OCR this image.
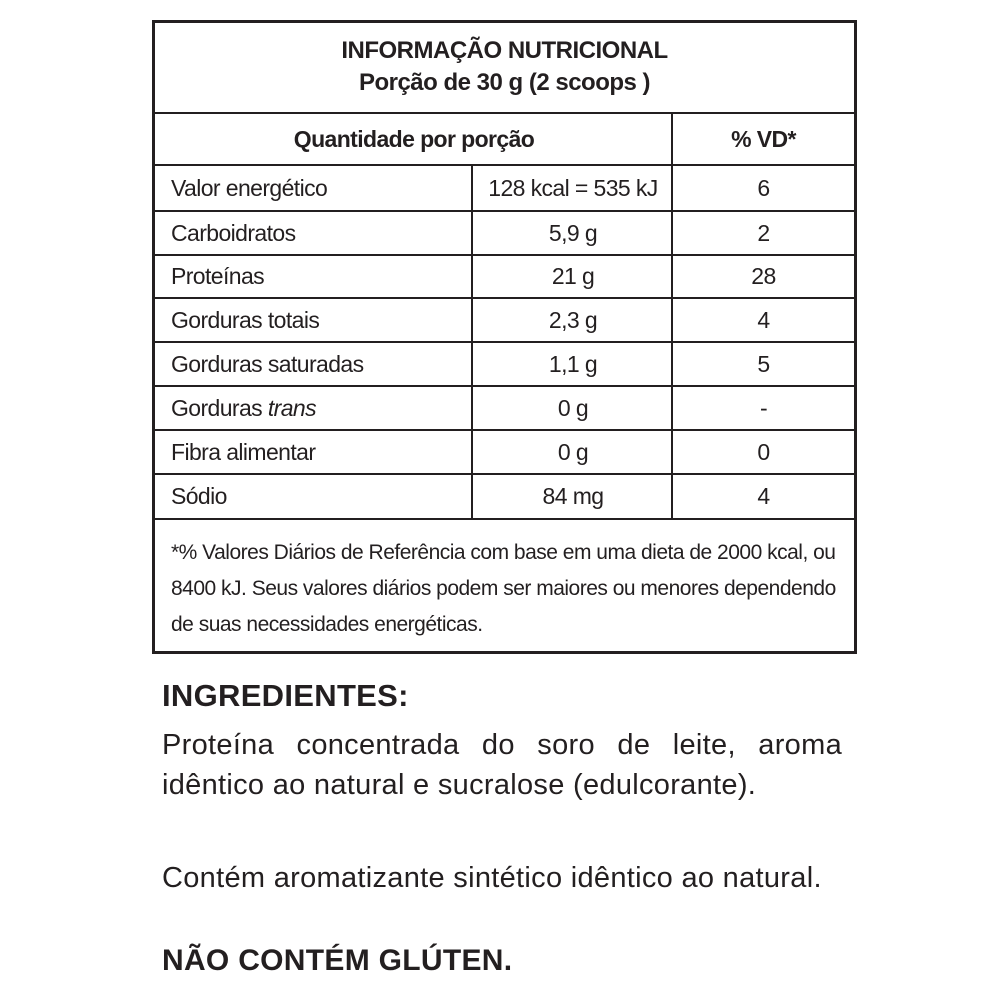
INFORMAÇÃO NUTRICIONAL
Porção de 30 g (2 scoops )
Quantidade por porção	% VD*
Valor energético	128 kcal = 535 kJ	6
Carboidratos	5,9 g	2
Proteínas	21 g	28
Gorduras totais	2,3 g	4
Gorduras saturadas	1,1 g	5
Gorduras trans	0 g	-
Fibra alimentar	0 g	0
Sódio	84 mg	4
*% Valores Diários de Referência com base em uma dieta de 2000 kcal, ou 8400 kJ. Seus valores diários podem ser maiores ou menores dependendo de suas necessidades energéticas.
INGREDIENTES:
Proteína concentrada do soro de leite, aroma idêntico ao natural e sucralose (edulcorante).
Contém aromatizante sintético idêntico ao natural.
NÃO CONTÉM GLÚTEN.
